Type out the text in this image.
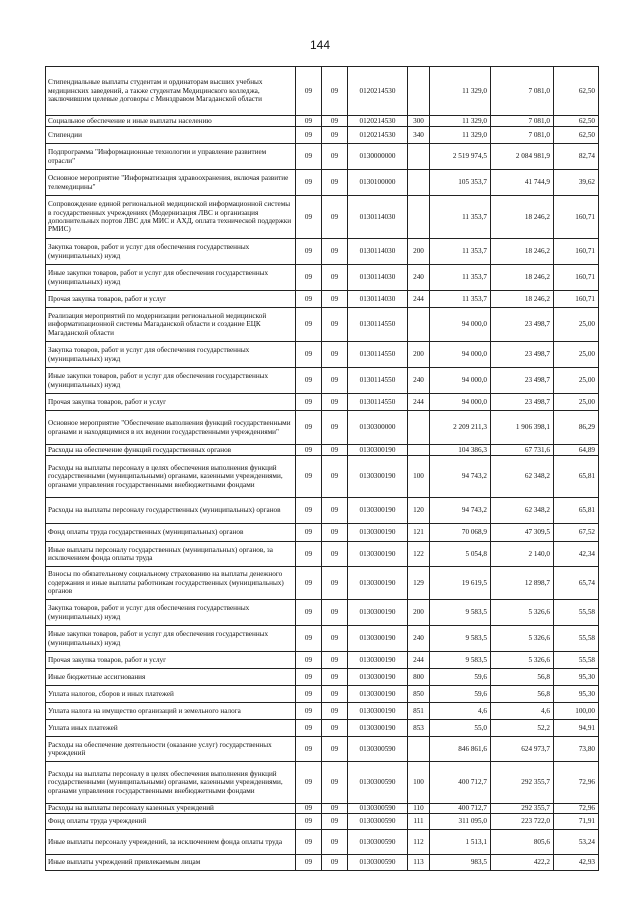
144
Стипендиальные выплаты студентам и ординаторам высших учебных медицинских заведений, а также студентам Медицинского колледжа, заключившим целевые договоры с Минздравом Магаданской области	09	09	0120214530		11 329,0	7 081,0	62,50
Социальное обеспечение и иные выплаты населению	09	09	0120214530	300	11 329,0	7 081,0	62,50
Стипендии	09	09	0120214530	340	11 329,0	7 081,0	62,50
Подпрограмма "Информационные технологии и управление развитием отрасли"	09	09	0130000000		2 519 974,5	2 084 981,9	82,74
Основное мероприятие "Информатизация здравоохранения, включая развитие телемедицины"	09	09	0130100000		105 353,7	41 744,9	39,62
Сопровождение единой региональной медицинской информационной системы в государственных учреждениях (Модернизация ЛВС и организация дополнительных портов ЛВС для МИС и АХД, оплата технической поддержки РМИС)	09	09	0130114030		11 353,7	18 246,2	160,71
Закупка товаров, работ и услуг для обеспечения государственных (муниципальных) нужд	09	09	0130114030	200	11 353,7	18 246,2	160,71
Иные закупки товаров, работ и услуг для обеспечения государственных (муниципальных) нужд	09	09	0130114030	240	11 353,7	18 246,2	160,71
Прочая закупка товаров, работ и услуг	09	09	0130114030	244	11 353,7	18 246,2	160,71
Реализация мероприятий по модернизации региональной медицинской информатизационной системы Магаданской области и создание ЕЦК Магаданской области	09	09	0130114550		94 000,0	23 498,7	25,00
Закупка товаров, работ и услуг для обеспечения государственных (муниципальных) нужд	09	09	0130114550	200	94 000,0	23 498,7	25,00
Иные закупки товаров, работ и услуг для обеспечения государственных (муниципальных) нужд	09	09	0130114550	240	94 000,0	23 498,7	25,00
Прочая закупка товаров, работ и услуг	09	09	0130114550	244	94 000,0	23 498,7	25,00
Основное мероприятие "Обеспечение выполнения функций государственными органами и находящимися в их ведении государственными учреждениями"	09	09	0130300000		2 209 211,3	1 906 398,1	86,29
Расходы на обеспечение функций государственных органов	09	09	0130300190		104 386,3	67 731,6	64,89
Расходы на выплаты персоналу в целях обеспечения выполнения функций государственными (муниципальными) органами, казенными учреждениями, органами управления государственными внебюджетными фондами	09	09	0130300190	100	94 743,2	62 348,2	65,81
Расходы на выплаты персоналу государственных (муниципальных) органов	09	09	0130300190	120	94 743,2	62 348,2	65,81
Фонд оплаты труда государственных (муниципальных) органов	09	09	0130300190	121	70 068,9	47 309,5	67,52
Иные выплаты персоналу государственных (муниципальных) органов, за исключением фонда оплаты труда	09	09	0130300190	122	5 054,8	2 140,0	42,34
Взносы по обязательному социальному страхованию на выплаты денежного содержания и иные выплаты работникам государственных (муниципальных) органов	09	09	0130300190	129	19 619,5	12 898,7	65,74
Закупка товаров, работ и услуг для обеспечения государственных (муниципальных) нужд	09	09	0130300190	200	9 583,5	5 326,6	55,58
Иные закупки товаров, работ и услуг для обеспечения государственных (муниципальных) нужд	09	09	0130300190	240	9 583,5	5 326,6	55,58
Прочая закупка товаров, работ и услуг	09	09	0130300190	244	9 583,5	5 326,6	55,58
Иные бюджетные ассигнования	09	09	0130300190	800	59,6	56,8	95,30
Уплата налогов, сборов и иных платежей	09	09	0130300190	850	59,6	56,8	95,30
Уплата налога на имущество организаций и земельного налога	09	09	0130300190	851	4,6	4,6	100,00
Уплата иных платежей	09	09	0130300190	853	55,0	52,2	94,91
Расходы на обеспечение деятельности (оказание услуг) государственных учреждений	09	09	0130300590		846 861,6	624 973,7	73,80
Расходы на выплаты персоналу в целях обеспечения выполнения функций государственными (муниципальными) органами, казенными учреждениями, органами управления государственными внебюджетными фондами	09	09	0130300590	100	400 712,7	292 355,7	72,96
Расходы на выплаты персоналу казенных учреждений	09	09	0130300590	110	400 712,7	292 355,7	72,96
Фонд оплаты труда учреждений	09	09	0130300590	111	311 095,0	223 722,0	71,91
Иные выплаты персоналу учреждений, за исключением фонда оплаты труда	09	09	0130300590	112	1 513,1	805,6	53,24
Иные выплаты учреждений привлекаемым лицам	09	09	0130300590	113	983,5	422,2	42,93
